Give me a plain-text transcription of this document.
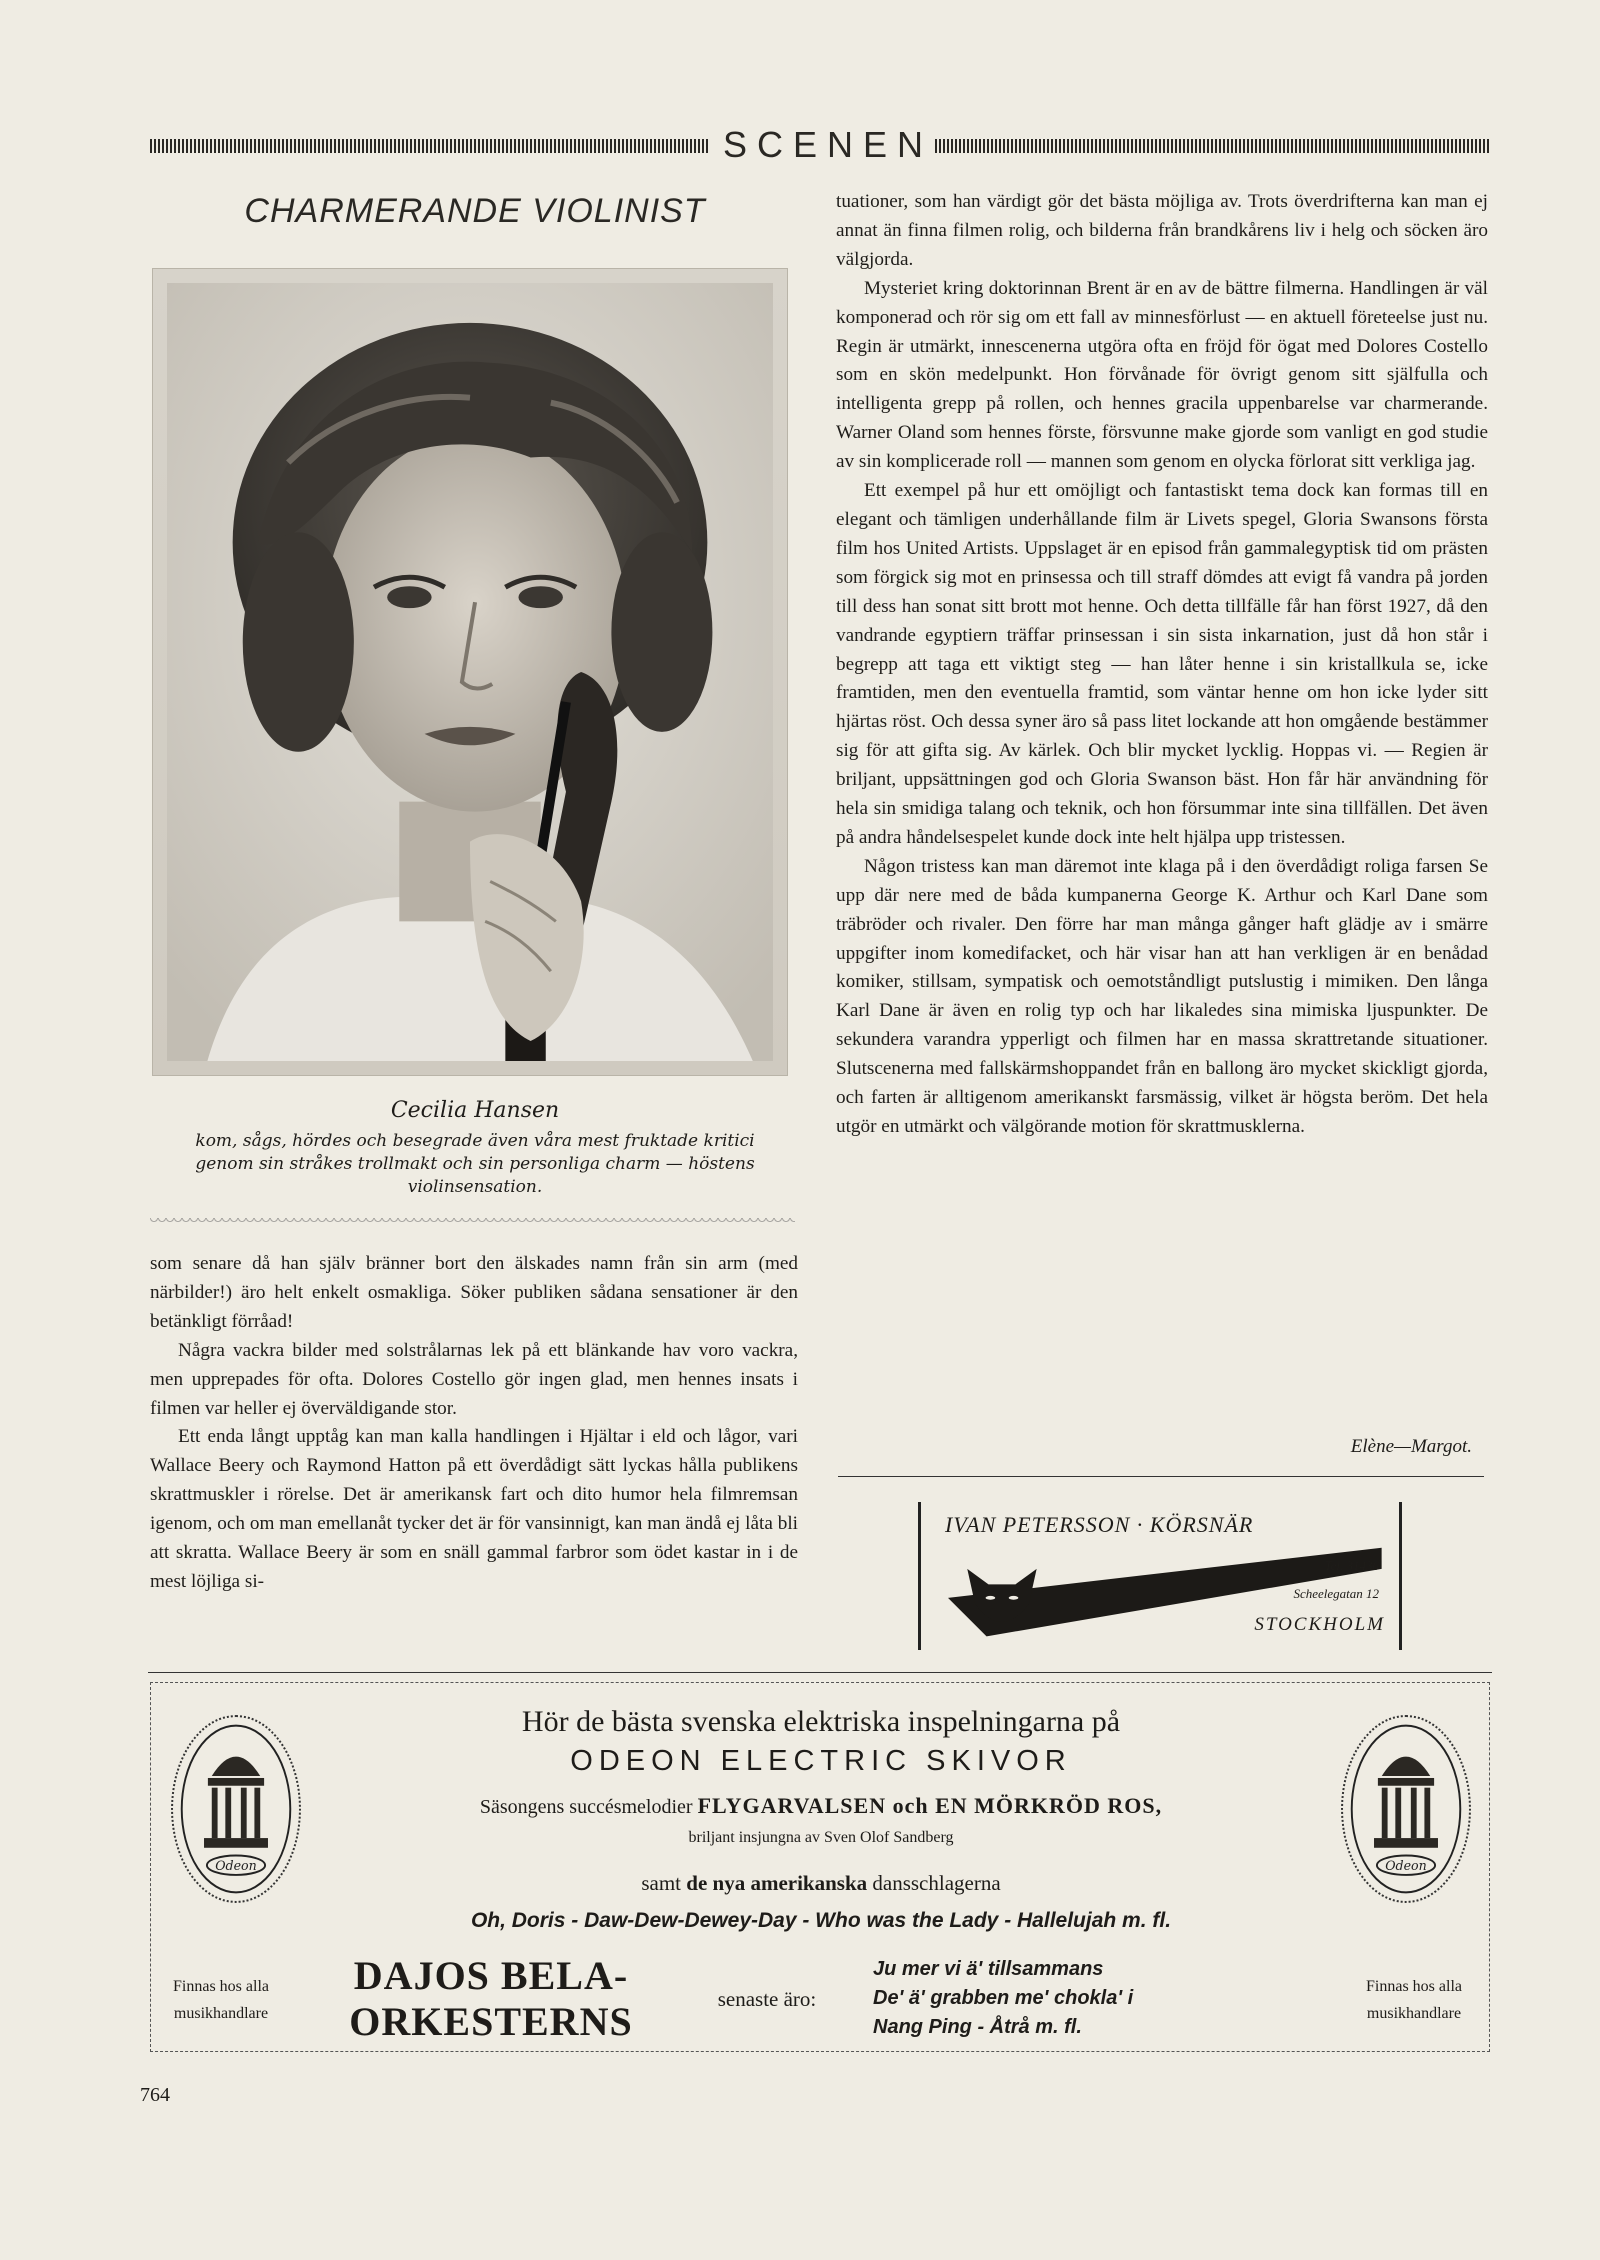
SCENEN
CHARMERANDE VIOLINIST
Cecilia Hansen
kom, sågs, hördes och besegrade även våra mest fruktade kritici genom sin stråkes trollmakt och sin personliga charm — höstens violinsensation.

som senare då han själv bränner bort den älskades namn från sin arm (med närbilder!) äro helt enkelt osmakliga. Söker publiken sådana sensationer är den betänkligt förråad!

Några vackra bilder med solstrålarnas lek på ett blänkande hav voro vackra, men upprepades för ofta. Dolores Costello gör ingen glad, men hennes insats i filmen var heller ej överväldigande stor.

Ett enda långt upptåg kan man kalla handlingen i Hjältar i eld och lågor, vari Wallace Beery och Raymond Hatton på ett överdådigt sätt lyckas hålla publikens skrattmuskler i rörelse. Det är amerikansk fart och dito humor hela filmremsan igenom, och om man emellanåt tycker det är för vansinnigt, kan man ändå ej låta bli att skratta. Wallace Beery är som en snäll gammal farbror som ödet kastar in i de mest löjliga si-

tuationer, som han värdigt gör det bästa möjliga av. Trots överdrifterna kan man ej annat än finna filmen rolig, och bilderna från brandkårens liv i helg och söcken äro välgjorda.

Mysteriet kring doktorinnan Brent är en av de bättre filmerna. Handlingen är väl komponerad och rör sig om ett fall av minnesförlust — en aktuell företeelse just nu. Regin är utmärkt, innescenerna utgöra ofta en fröjd för ögat med Dolores Costello som en skön medelpunkt. Hon förvånade för övrigt genom sitt själfulla och intelligenta grepp på rollen, och hennes gracila uppenbarelse var charmerande. Warner Oland som hennes förste, försvunne make gjorde som vanligt en god studie av sin komplicerade roll — mannen som genom en olycka förlorat sitt verkliga jag.

Ett exempel på hur ett omöjligt och fantastiskt tema dock kan formas till en elegant och tämligen underhållande film är Livets spegel, Gloria Swansons första film hos United Artists. Uppslaget är en episod från gammalegyptisk tid om prästen som förgick sig mot en prinsessa och till straff dömdes att evigt få vandra på jorden till dess han sonat sitt brott mot henne. Och detta tillfälle får han först 1927, då den vandrande egyptiern träffar prinsessan i sin sista inkarnation, just då hon står i begrepp att taga ett viktigt steg — han låter henne i sin kristallkula se, icke framtiden, men den eventuella framtid, som väntar henne om hon icke lyder sitt hjärtas röst. Och dessa syner äro så pass litet lockande att hon omgående bestämmer sig för att gifta sig. Av kärlek. Och blir mycket lycklig. Hoppas vi. — Regien är briljant, uppsättningen god och Gloria Swanson bäst. Hon får här användning för hela sin smidiga talang och teknik, och hon försummar inte sina tillfällen. Det även på andra håndelsespelet kunde dock inte helt hjälpa upp tristessen.

Någon tristess kan man däremot inte klaga på i den överdådigt roliga farsen Se upp där nere med de båda kumpanerna George K. Arthur och Karl Dane som träbröder och rivaler. Den förre har man många gånger haft glädje av i smärre uppgifter inom komedifacket, och här visar han att han verkligen är en benådad komiker, stillsam, sympatisk och oemotståndligt putslustig i mimiken. Den långa Karl Dane är även en rolig typ och har likaledes sina mimiska ljuspunkter. De sekundera varandra ypperligt och filmen har en massa skrattretande situationer. Slutscenerna med fallskärmshoppandet från en ballong äro mycket skickligt gjorda, och farten är alltigenom amerikanskt farsmässig, vilket är högsta beröm. Det hela utgör en utmärkt och välgörande motion för skrattmusklerna.

Elène—Margot.
IVAN PETERSSON · KÖRSNÄR
Tel. 31436
Scheelegatan 12
STOCKHOLM
Hör de bästa svenska elektriska inspelningarna på
ODEON ELECTRIC SKIVOR
Säsongens succésmelodier FLYGARVALSEN och EN MÖRKRÖD ROS,
briljant insjungna av Sven Olof Sandberg
samt de nya amerikanska dansschlagerna
Oh, Doris - Daw-Dew-Dewey-Day - Who was the Lady - Hallelujah m. fl.
Odeon	Odeon
Finnas hos alla musikhandlare
DAJOS BELA-
ORKESTERNS	senaste äro:
Ju mer vi ä' tillsammans
De' ä' grabben me' chokla' i
Nang Ping - Åtrå m. fl.
Finnas hos alla musikhandlare
764
